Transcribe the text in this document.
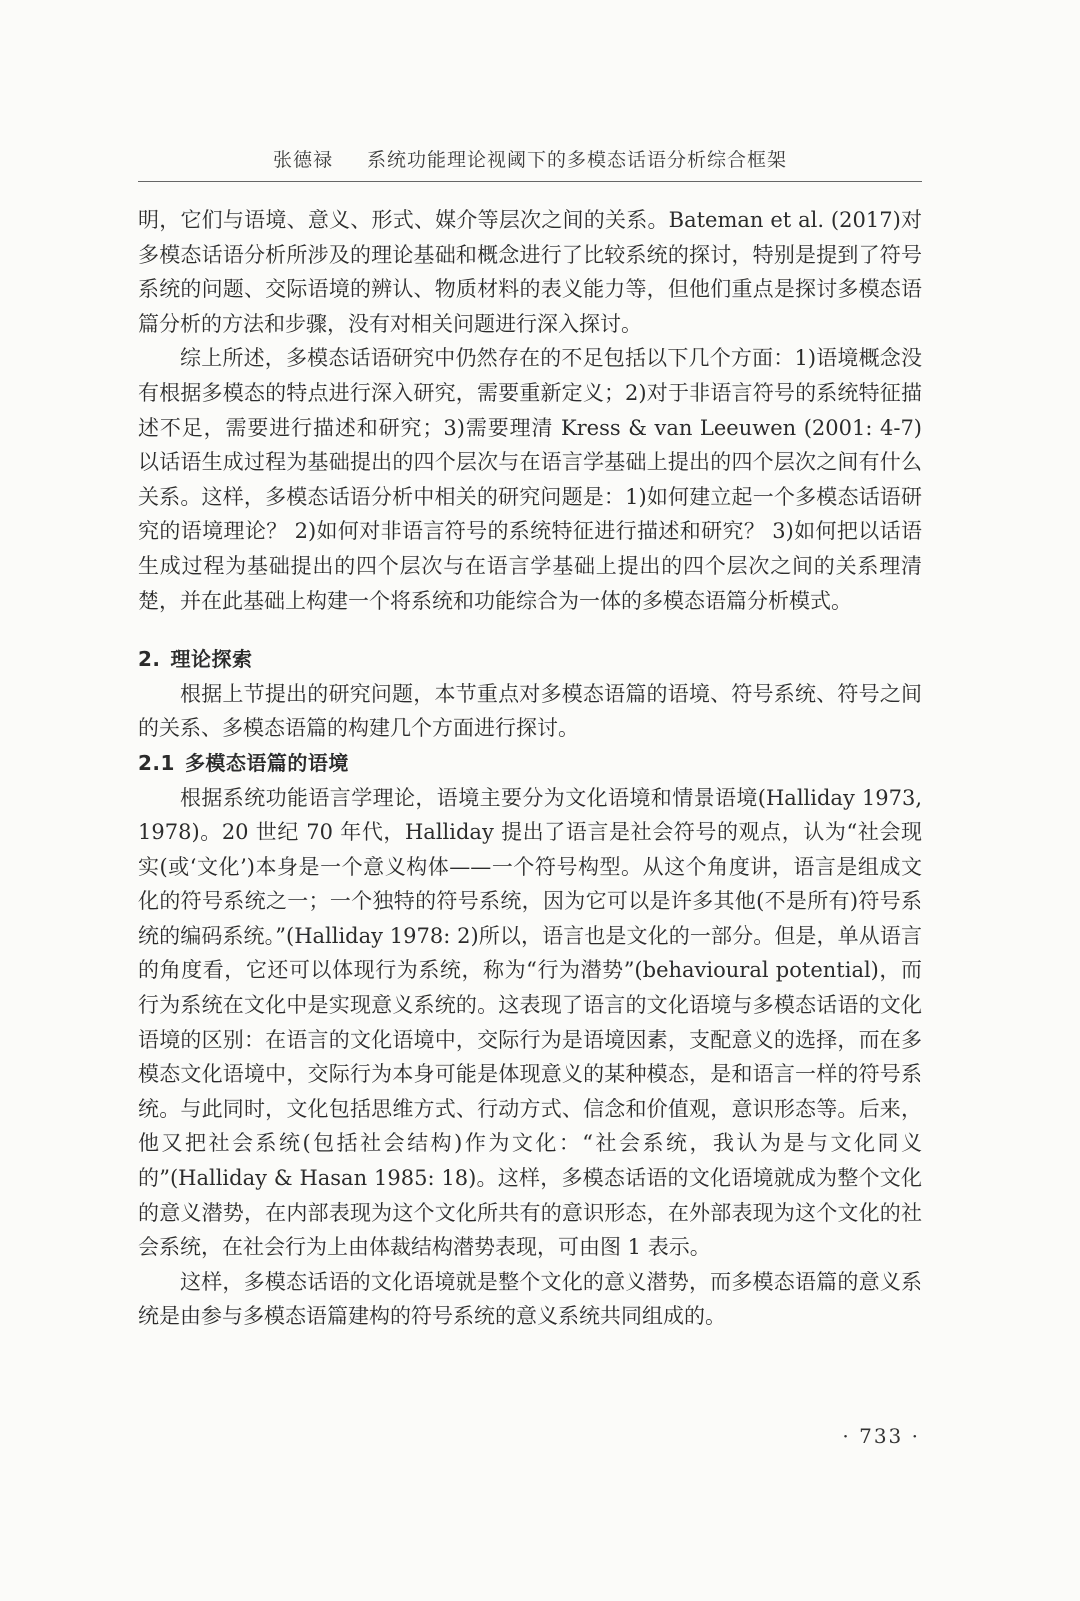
张德禄 系统功能理论视阈下的多模态话语分析综合框架

明，它们与语境、意义、形式、媒介等层次之间的关系。Bateman et al. (2017)对多模态话语分析所涉及的理论基础和概念进行了比较系统的探讨，特别是提到了符号系统的问题、交际语境的辨认、物质材料的表义能力等，但他们重点是探讨多模态语篇分析的方法和步骤，没有对相关问题进行深入探讨。

综上所述，多模态话语研究中仍然存在的不足包括以下几个方面：1)语境概念没有根据多模态的特点进行深入研究，需要重新定义；2)对于非语言符号的系统特征描述不足，需要进行描述和研究；3)需要理清 Kress & van Leeuwen (2001: 4-7) 以话语生成过程为基础提出的四个层次与在语言学基础上提出的四个层次之间有什么关系。这样，多模态话语分析中相关的研究问题是：1)如何建立起一个多模态话语研究的语境理论？ 2)如何对非语言符号的系统特征进行描述和研究？ 3)如何把以话语生成过程为基础提出的四个层次与在语言学基础上提出的四个层次之间的关系理清楚，并在此基础上构建一个将系统和功能综合为一体的多模态语篇分析模式。

2. 理论探索

根据上节提出的研究问题，本节重点对多模态语篇的语境、符号系统、符号之间的关系、多模态语篇的构建几个方面进行探讨。

2.1 多模态语篇的语境

根据系统功能语言学理论，语境主要分为文化语境和情景语境(Halliday 1973, 1978)。20 世纪 70 年代，Halliday 提出了语言是社会符号的观点，认为“社会现实(或‘文化’)本身是一个意义构体——一个符号构型。从这个角度讲，语言是组成文化的符号系统之一；一个独特的符号系统，因为它可以是许多其他(不是所有)符号系统的编码系统。”(Halliday 1978: 2)所以，语言也是文化的一部分。但是，单从语言的角度看，它还可以体现行为系统，称为“行为潜势”(behavioural potential)，而行为系统在文化中是实现意义系统的。这表现了语言的文化语境与多模态话语的文化语境的区别：在语言的文化语境中，交际行为是语境因素，支配意义的选择，而在多模态文化语境中，交际行为本身可能是体现意义的某种模态，是和语言一样的符号系统。与此同时，文化包括思维方式、行动方式、信念和价值观，意识形态等。后来，他又把社会系统(包括社会结构)作为文化：“社会系统，我认为是与文化同义的”(Halliday & Hasan 1985: 18)。这样，多模态话语的文化语境就成为整个文化的意义潜势，在内部表现为这个文化所共有的意识形态，在外部表现为这个文化的社会系统，在社会行为上由体裁结构潜势表现，可由图 1 表示。

这样，多模态话语的文化语境就是整个文化的意义潜势，而多模态语篇的意义系统是由参与多模态语篇建构的符号系统的意义系统共同组成的。

· 733 ·
